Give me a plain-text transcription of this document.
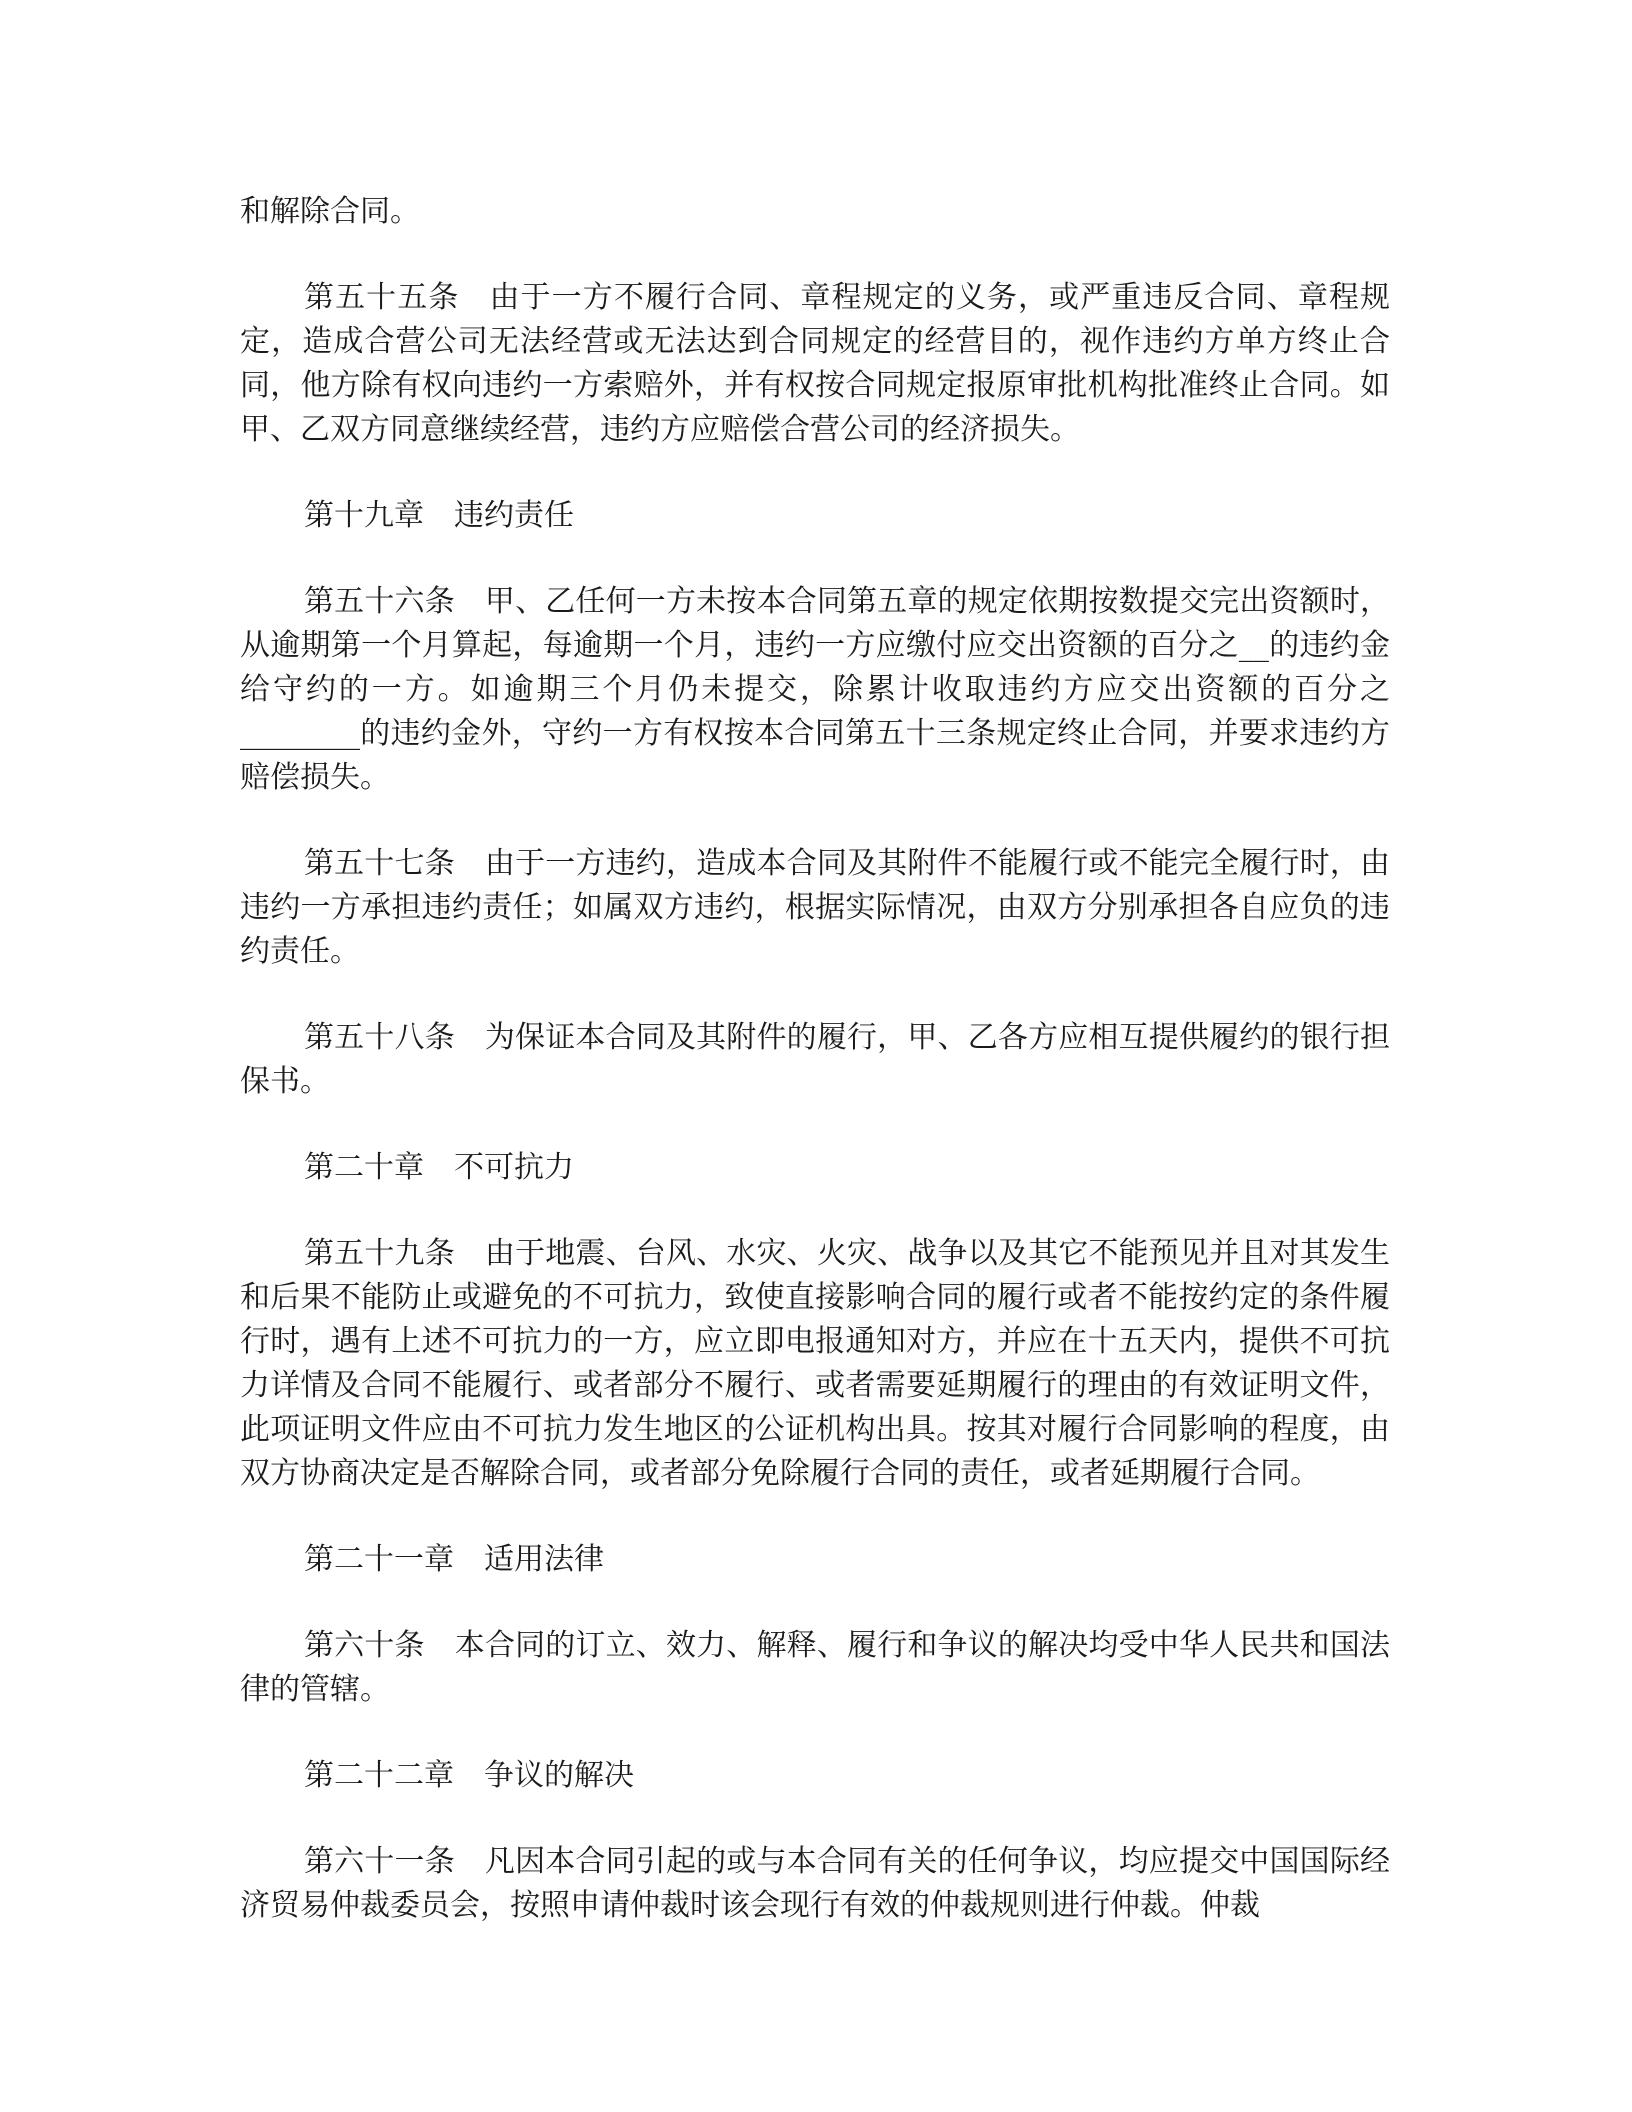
和解除合同。

第五十五条 由于一方不履行合同、章程规定的义务，或严重违反合同、章程规定，造成合营公司无法经营或无法达到合同规定的经营目的，视作违约方单方终止合同，他方除有权向违约一方索赔外，并有权按合同规定报原审批机构批准终止合同。如甲、乙双方同意继续经营，违约方应赔偿合营公司的经济损失。

第十九章 违约责任

第五十六条 甲、乙任何一方未按本合同第五章的规定依期按数提交完出资额时，从逾期第一个月算起，每逾期一个月，违约一方应缴付应交出资额的百分之__的违约金给守约的一方。如逾期三个月仍未提交，除累计收取违约方应交出资额的百分之________的违约金外，守约一方有权按本合同第五十三条规定终止合同，并要求违约方赔偿损失。

第五十七条 由于一方违约，造成本合同及其附件不能履行或不能完全履行时，由违约一方承担违约责任；如属双方违约，根据实际情况，由双方分别承担各自应负的违约责任。

第五十八条 为保证本合同及其附件的履行，甲、乙各方应相互提供履约的银行担保书。

第二十章 不可抗力

第五十九条 由于地震、台风、水灾、火灾、战争以及其它不能预见并且对其发生和后果不能防止或避免的不可抗力，致使直接影响合同的履行或者不能按约定的条件履行时，遇有上述不可抗力的一方，应立即电报通知对方，并应在十五天内，提供不可抗力详情及合同不能履行、或者部分不履行、或者需要延期履行的理由的有效证明文件，此项证明文件应由不可抗力发生地区的公证机构出具。按其对履行合同影响的程度，由双方协商决定是否解除合同，或者部分免除履行合同的责任，或者延期履行合同。

第二十一章 适用法律

第六十条 本合同的订立、效力、解释、履行和争议的解决均受中华人民共和国法律的管辖。

第二十二章 争议的解决

第六十一条 凡因本合同引起的或与本合同有关的任何争议，均应提交中国国际经济贸易仲裁委员会，按照申请仲裁时该会现行有效的仲裁规则进行仲裁。仲裁
